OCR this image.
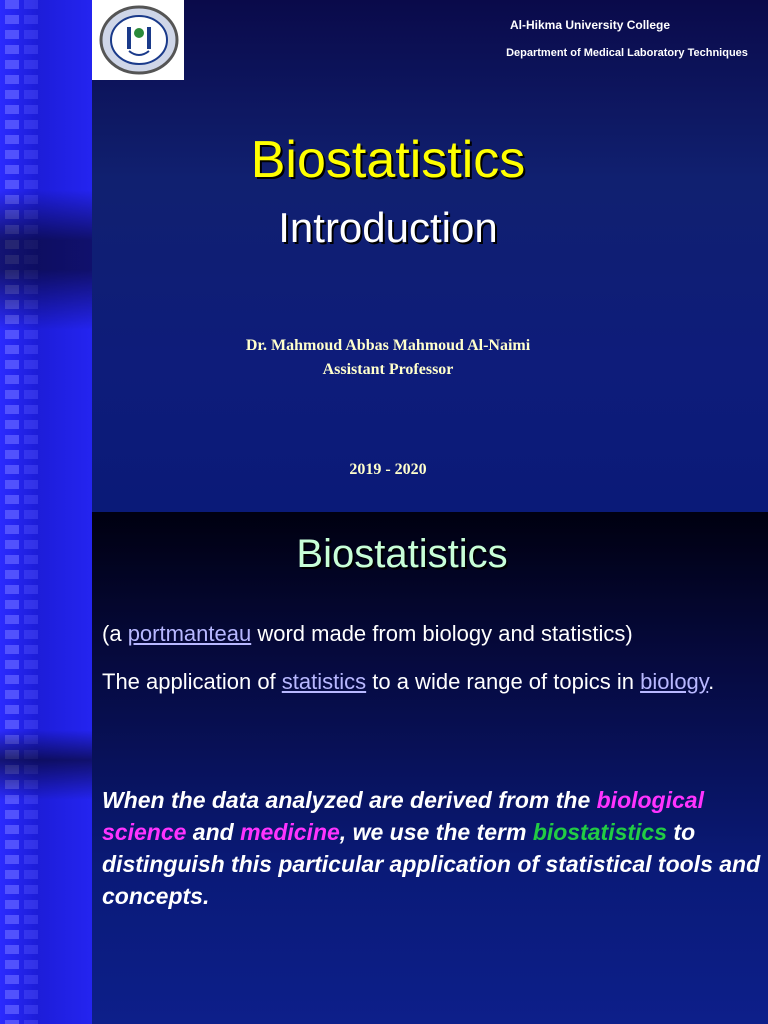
Al-Hikma University College
Department of Medical Laboratory Techniques
Biostatistics
Introduction
Dr. Mahmoud Abbas Mahmoud Al-Naimi
Assistant Professor
2019 - 2020
Biostatistics
(a portmanteau word made from biology and statistics)
The application of statistics to a wide range of topics in biology.
When the data analyzed are derived from the biological science and medicine, we use the term biostatistics to distinguish this particular application of statistical tools and concepts.
